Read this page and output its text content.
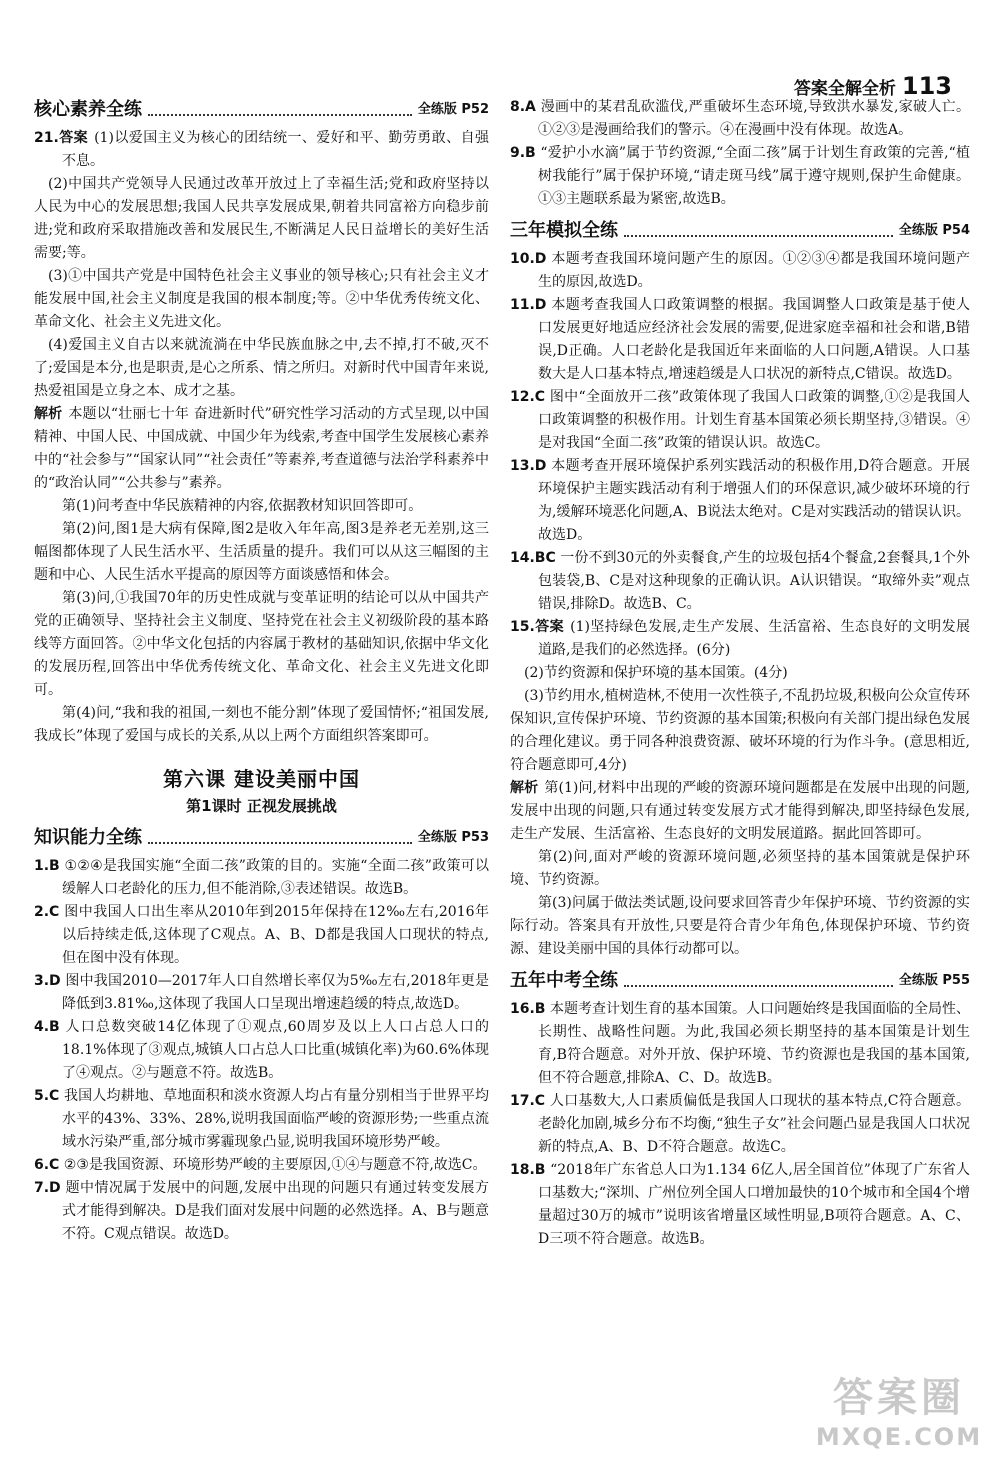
答案全解全析 113
核心素养全练	全练版 P52

21.答案 (1)以爱国主义为核心的团结统一、爱好和平、勤劳勇敢、自强不息。

(2)中国共产党领导人民通过改革开放过上了幸福生活;党和政府坚持以人民为中心的发展思想;我国人民共享发展成果,朝着共同富裕方向稳步前进;党和政府采取措施改善和发展民生,不断满足人民日益增长的美好生活需要;等。

(3)①中国共产党是中国特色社会主义事业的领导核心;只有社会主义才能发展中国,社会主义制度是我国的根本制度;等。②中华优秀传统文化、革命文化、社会主义先进文化。

(4)爱国主义自古以来就流淌在中华民族血脉之中,去不掉,打不破,灭不了;爱国是本分,也是职责,是心之所系、情之所归。对新时代中国青年来说,热爱祖国是立身之本、成才之基。

解析 本题以“壮丽七十年 奋进新时代”研究性学习活动的方式呈现,以中国精神、中国人民、中国成就、中国少年为线索,考查中国学生发展核心素养中的“社会参与”“国家认同”“社会责任”等素养,考查道德与法治学科素养中的“政治认同”“公共参与”素养。

第(1)问考查中华民族精神的内容,依据教材知识回答即可。

第(2)问,图1是大病有保障,图2是收入年年高,图3是养老无差别,这三幅图都体现了人民生活水平、生活质量的提升。我们可以从这三幅图的主题和中心、人民生活水平提高的原因等方面谈感悟和体会。

第(3)问,①我国70年的历史性成就与变革证明的结论可以从中国共产党的正确领导、坚持社会主义制度、坚持党在社会主义初级阶段的基本路线等方面回答。②中华文化包括的内容属于教材的基础知识,依据中华文化的发展历程,回答出中华优秀传统文化、革命文化、社会主义先进文化即可。

第(4)问,“我和我的祖国,一刻也不能分割”体现了爱国情怀;“祖国发展,我成长”体现了爱国与成长的关系,从以上两个方面组织答案即可。

第六课 建设美丽中国
第1课时 正视发展挑战
知识能力全练	全练版 P53

1.B ①②④是我国实施“全面二孩”政策的目的。实施“全面二孩”政策可以缓解人口老龄化的压力,但不能消除,③表述错误。故选B。

2.C 图中我国人口出生率从2010年到2015年保持在12‰左右,2016年以后持续走低,这体现了C观点。A、B、D都是我国人口现状的特点,但在图中没有体现。

3.D 图中我国2010—2017年人口自然增长率仅为5‰左右,2018年更是降低到3.81‰,这体现了我国人口呈现出增速趋缓的特点,故选D。

4.B 人口总数突破14亿体现了①观点,60周岁及以上人口占总人口的18.1%体现了③观点,城镇人口占总人口比重(城镇化率)为60.6%体现了④观点。②与题意不符。故选B。

5.C 我国人均耕地、草地面积和淡水资源人均占有量分别相当于世界平均水平的43%、33%、28%,说明我国面临严峻的资源形势;一些重点流域水污染严重,部分城市雾霾现象凸显,说明我国环境形势严峻。

6.C ②③是我国资源、环境形势严峻的主要原因,①④与题意不符,故选C。

7.D 题中情况属于发展中的问题,发展中出现的问题只有通过转变发展方式才能得到解决。D是我们面对发展中问题的必然选择。A、B与题意不符。C观点错误。故选D。

8.A 漫画中的某君乱砍滥伐,严重破坏生态环境,导致洪水暴发,家破人亡。①②③是漫画给我们的警示。④在漫画中没有体现。故选A。

9.B “爱护小水滴”属于节约资源,“全面二孩”属于计划生育政策的完善,“植树我能行”属于保护环境,“请走斑马线”属于遵守规则,保护生命健康。①③主题联系最为紧密,故选B。

三年模拟全练	全练版 P54

10.D 本题考查我国环境问题产生的原因。①②③④都是我国环境问题产生的原因,故选D。

11.D 本题考查我国人口政策调整的根据。我国调整人口政策是基于使人口发展更好地适应经济社会发展的需要,促进家庭幸福和社会和谐,B错误,D正确。人口老龄化是我国近年来面临的人口问题,A错误。人口基数大是人口基本特点,增速趋缓是人口状况的新特点,C错误。故选D。

12.C 图中“全面放开二孩”政策体现了我国人口政策的调整,①②是我国人口政策调整的积极作用。计划生育基本国策必须长期坚持,③错误。④是对我国“全面二孩”政策的错误认识。故选C。

13.D 本题考查开展环境保护系列实践活动的积极作用,D符合题意。开展环境保护主题实践活动有利于增强人们的环保意识,减少破坏环境的行为,缓解环境恶化问题,A、B说法太绝对。C是对实践活动的错误认识。故选D。

14.BC 一份不到30元的外卖餐食,产生的垃圾包括4个餐盒,2套餐具,1个外包装袋,B、C是对这种现象的正确认识。A认识错误。“取缔外卖”观点错误,排除D。故选B、C。

15.答案 (1)坚持绿色发展,走生产发展、生活富裕、生态良好的文明发展道路,是我们的必然选择。(6分)

(2)节约资源和保护环境的基本国策。(4分)

(3)节约用水,植树造林,不使用一次性筷子,不乱扔垃圾,积极向公众宣传环保知识,宣传保护环境、节约资源的基本国策;积极向有关部门提出绿色发展的合理化建议。勇于同各种浪费资源、破坏环境的行为作斗争。(意思相近,符合题意即可,4分)

解析 第(1)问,材料中出现的严峻的资源环境问题都是在发展中出现的问题,发展中出现的问题,只有通过转变发展方式才能得到解决,即坚持绿色发展,走生产发展、生活富裕、生态良好的文明发展道路。据此回答即可。

第(2)问,面对严峻的资源环境问题,必须坚持的基本国策就是保护环境、节约资源。

第(3)问属于做法类试题,设问要求回答青少年保护环境、节约资源的实际行动。答案具有开放性,只要是符合青少年角色,体现保护环境、节约资源、建设美丽中国的具体行动都可以。

五年中考全练	全练版 P55

16.B 本题考查计划生育的基本国策。人口问题始终是我国面临的全局性、长期性、战略性问题。为此,我国必须长期坚持的基本国策是计划生育,B符合题意。对外开放、保护环境、节约资源也是我国的基本国策,但不符合题意,排除A、C、D。故选B。

17.C 人口基数大,人口素质偏低是我国人口现状的基本特点,C符合题意。老龄化加剧,城乡分布不均衡,“独生子女”社会问题凸显是我国人口状况新的特点,A、B、D不符合题意。故选C。

18.B “2018年广东省总人口为1.134 6亿人,居全国首位”体现了广东省人口基数大;“深圳、广州位列全国人口增加最快的10个城市和全国4个增量超过30万的城市”说明该省增量区域性明显,B项符合题意。A、C、D三项不符合题意。故选B。

答案圈
MXQE.COM
